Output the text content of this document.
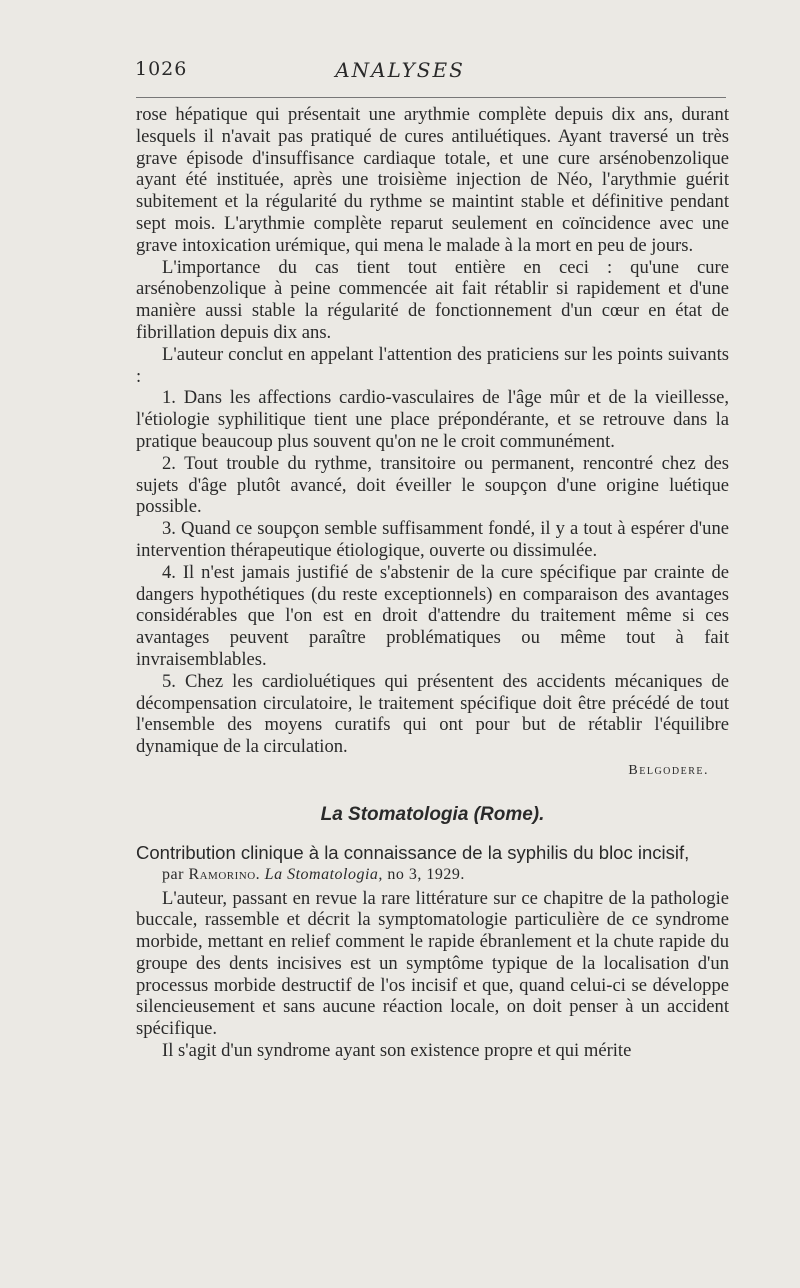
1026	ANALYSES

rose hépatique qui présentait une arythmie complète depuis dix ans, durant lesquels il n'avait pas pratiqué de cures antiluétiques. Ayant traversé un très grave épisode d'insuffisance cardiaque totale, et une cure arsénobenzolique ayant été instituée, après une troisième injection de Néo, l'arythmie guérit subitement et la régularité du rythme se maintint stable et définitive pendant sept mois. L'arythmie complète reparut seulement en coïncidence avec une grave intoxication urémique, qui mena le malade à la mort en peu de jours.

L'importance du cas tient tout entière en ceci : qu'une cure arsénobenzolique à peine commencée ait fait rétablir si rapidement et d'une manière aussi stable la régularité de fonctionnement d'un cœur en état de fibrillation depuis dix ans.

L'auteur conclut en appelant l'attention des praticiens sur les points suivants :

1. Dans les affections cardio-vasculaires de l'âge mûr et de la vieillesse, l'étiologie syphilitique tient une place prépondérante, et se retrouve dans la pratique beaucoup plus souvent qu'on ne le croit communément.

2. Tout trouble du rythme, transitoire ou permanent, rencontré chez des sujets d'âge plutôt avancé, doit éveiller le soupçon d'une origine luétique possible.

3. Quand ce soupçon semble suffisamment fondé, il y a tout à espérer d'une intervention thérapeutique étiologique, ouverte ou dissimulée.

4. Il n'est jamais justifié de s'abstenir de la cure spécifique par crainte de dangers hypothétiques (du reste exceptionnels) en comparaison des avantages considérables que l'on est en droit d'attendre du traitement même si ces avantages peuvent paraître problématiques ou même tout à fait invraisemblables.

5. Chez les cardioluétiques qui présentent des accidents mécaniques de décompensation circulatoire, le traitement spécifique doit être précédé de tout l'ensemble des moyens curatifs qui ont pour but de rétablir l'équilibre dynamique de la circulation.

Belgodere.

La Stomatologia (Rome).

Contribution clinique à la connaissance de la syphilis du bloc incisif,

par Ramorino. La Stomatologia, no 3, 1929.

L'auteur, passant en revue la rare littérature sur ce chapitre de la pathologie buccale, rassemble et décrit la symptomatologie particulière de ce syndrome morbide, mettant en relief comment le rapide ébranlement et la chute rapide du groupe des dents incisives est un symptôme typique de la localisation d'un processus morbide destructif de l'os incisif et que, quand celui-ci se développe silencieusement et sans aucune réaction locale, on doit penser à un accident spécifique.

Il s'agit d'un syndrome ayant son existence propre et qui mérite
